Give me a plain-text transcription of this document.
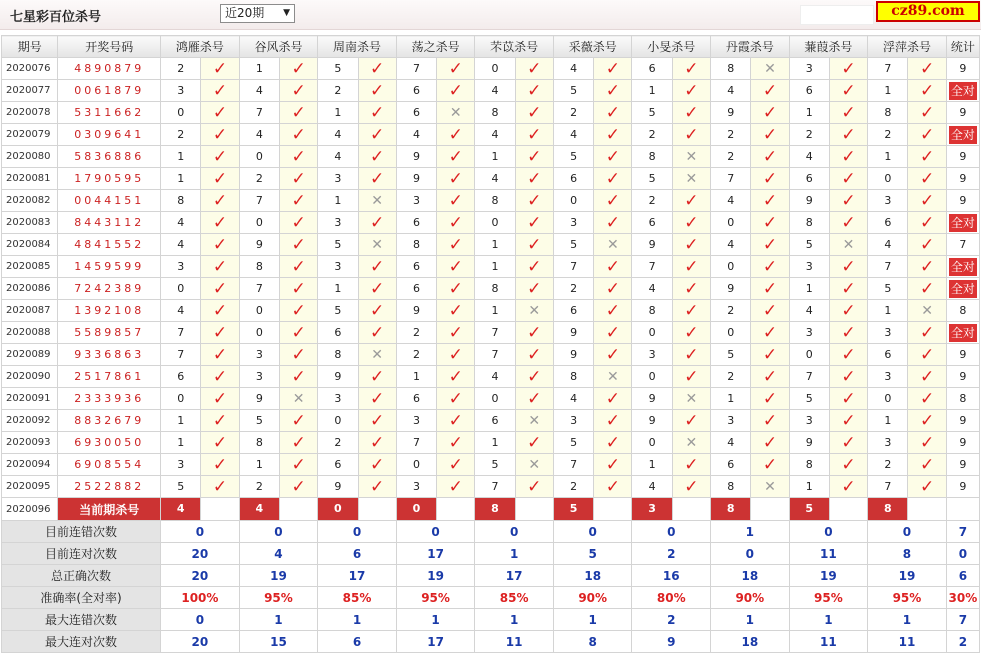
七星彩百位杀号	近20期 ▼	cz89.com
期号	开奖号码	鸿雁杀号		谷风杀号		周南杀号		荡之杀号		芣苡杀号		采薇杀号		小旻杀号		丹霞杀号		蒹葭杀号		浮萍杀号		统计
2020076	4890879	2	✓	1	✓	5	✓	7	✓	0	✓	4	✓	6	✓	8	✕	3	✓	7	✓	9
2020077	0061879	3	✓	4	✓	2	✓	6	✓	4	✓	5	✓	1	✓	4	✓	6	✓	1	✓	全对
2020078	5311662	0	✓	7	✓	1	✓	6	✕	8	✓	2	✓	5	✓	9	✓	1	✓	8	✓	9
2020079	0309641	2	✓	4	✓	4	✓	4	✓	4	✓	4	✓	2	✓	2	✓	2	✓	2	✓	全对
2020080	5836886	1	✓	0	✓	4	✓	9	✓	1	✓	5	✓	8	✕	2	✓	4	✓	1	✓	9
2020081	1790595	1	✓	2	✓	3	✓	9	✓	4	✓	6	✓	5	✕	7	✓	6	✓	0	✓	9
2020082	0044151	8	✓	7	✓	1	✕	3	✓	8	✓	0	✓	2	✓	4	✓	9	✓	3	✓	9
2020083	8443112	4	✓	0	✓	3	✓	6	✓	0	✓	3	✓	6	✓	0	✓	8	✓	6	✓	全对
2020084	4841552	4	✓	9	✓	5	✕	8	✓	1	✓	5	✕	9	✓	4	✓	5	✕	4	✓	7
2020085	1459599	3	✓	8	✓	3	✓	6	✓	1	✓	7	✓	7	✓	0	✓	3	✓	7	✓	全对
2020086	7242389	0	✓	7	✓	1	✓	6	✓	8	✓	2	✓	4	✓	9	✓	1	✓	5	✓	全对
2020087	1392108	4	✓	0	✓	5	✓	9	✓	1	✕	6	✓	8	✓	2	✓	4	✓	1	✕	8
2020088	5589857	7	✓	0	✓	6	✓	2	✓	7	✓	9	✓	0	✓	0	✓	3	✓	3	✓	全对
2020089	9336863	7	✓	3	✓	8	✕	2	✓	7	✓	9	✓	3	✓	5	✓	0	✓	6	✓	9
2020090	2517861	6	✓	3	✓	9	✓	1	✓	4	✓	8	✕	0	✓	2	✓	7	✓	3	✓	9
2020091	2333936	0	✓	9	✕	3	✓	6	✓	0	✓	4	✓	9	✕	1	✓	5	✓	0	✓	8
2020092	8832679	1	✓	5	✓	0	✓	3	✓	6	✕	3	✓	9	✓	3	✓	3	✓	1	✓	9
2020093	6930050	1	✓	8	✓	2	✓	7	✓	1	✓	5	✓	0	✕	4	✓	9	✓	3	✓	9
2020094	6908554	3	✓	1	✓	6	✓	0	✓	5	✕	7	✓	1	✓	6	✓	8	✓	2	✓	9
2020095	2522882	5	✓	2	✓	9	✓	3	✓	7	✓	2	✓	4	✓	8	✕	1	✓	7	✓	9
2020096	当前期杀号	4		4		0		0		8		5		3		8		5		8		
目前连错次数		0		0		0		0		0		0		0		1		0		0		7
目前连对次数		20		4		6		17		1		5		2		0		11		8		0
总正确次数		20		19		17		19		17		18		16		18		19		19		6
准确率(全对率)		100%		95%		85%		95%		85%		90%		80%		90%		95%		95%		30%
最大连错次数		0		1		1		1		1		1		2		1		1		1		7
最大连对次数		20		15		6		17		11		8		9		18		11		11		2
